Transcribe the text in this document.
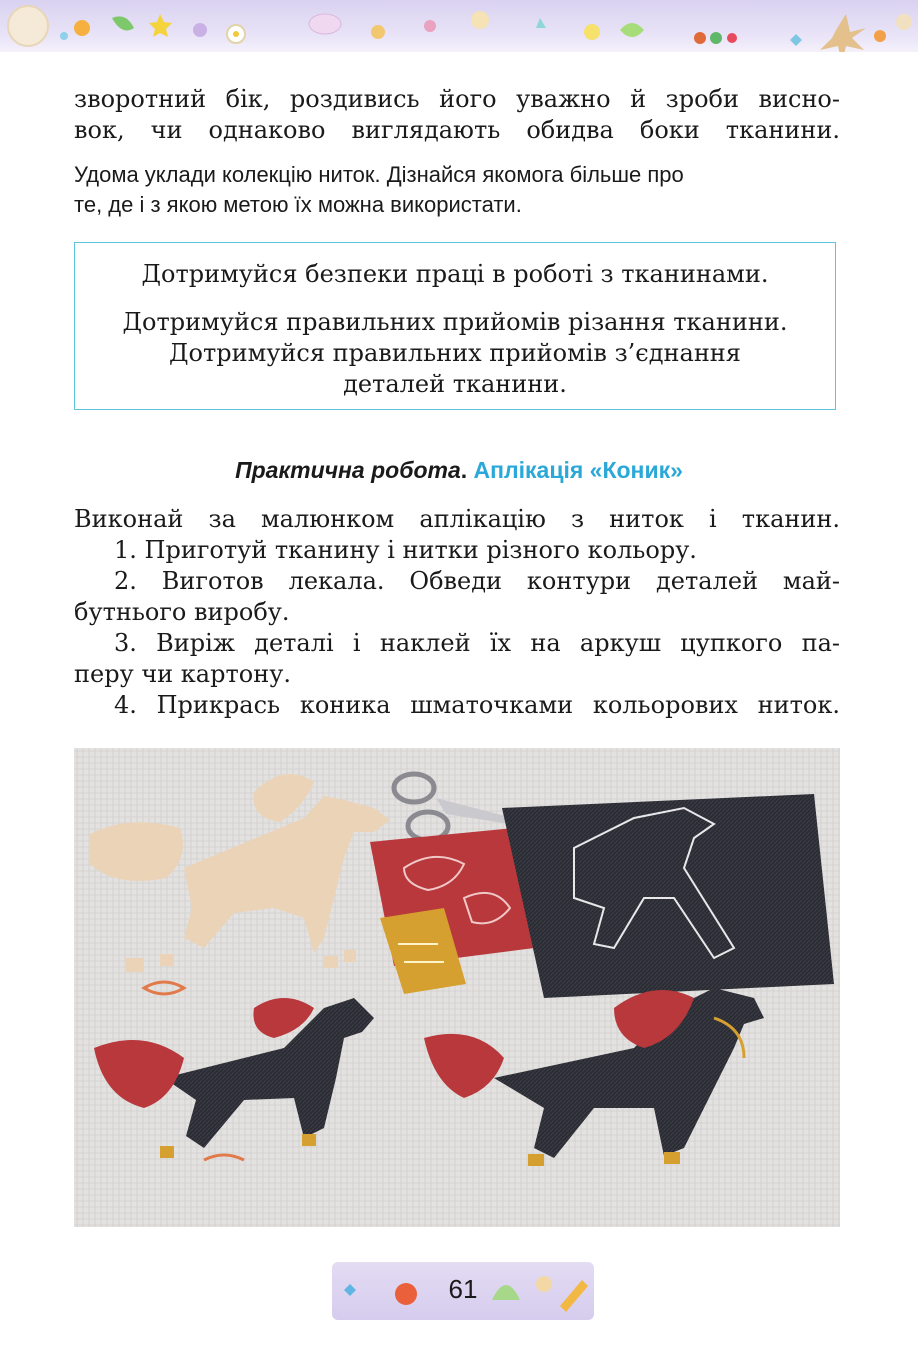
зворотний бік, роздивись його уважно й зроби висно-

вок, чи однаково виглядають обидва боки тканини.

Удома уклади колекцію ниток. Дізнайся якомога більше про

те, де і з якою метою їх можна використати.

Дотримуйся безпеки праці в роботі з тканинами.

Дотримуйся правильних прийомів різання тканини.

Дотримуйся правильних прийомів з’єднання

деталей тканини.

Практична робота. Аплікація «Коник»

Виконай за малюнком аплікацію з ниток і тканин.

1. Приготуй тканину і нитки різного кольору.

2. Виготов лекала. Обведи контури деталей май-

бутнього виробу.

3. Виріж деталі і наклей їх на аркуш цупкого па-

перу чи картону.

4. Прикрась коника шматочками кольорових ниток.

61
